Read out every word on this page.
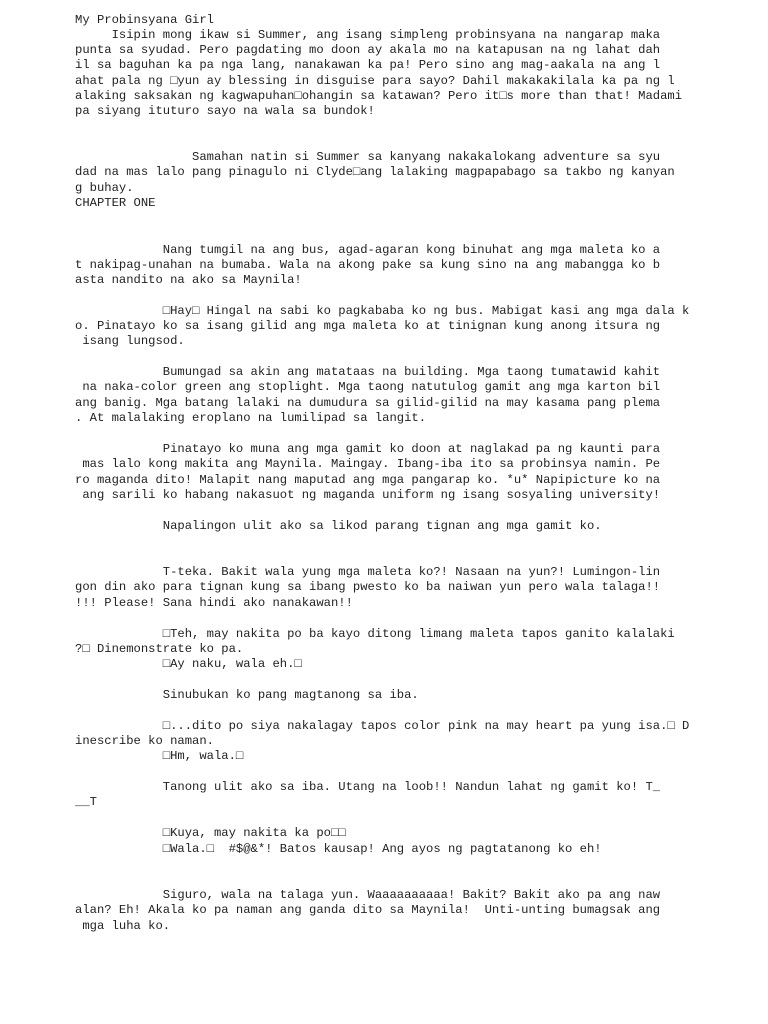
My Probinsyana Girl
Isipin mong ikaw si Summer, ang isang simpleng probinsyana na nangarap maka
punta sa syudad. Pero pagdating mo doon ay akala mo na katapusan na ng lahat dah
il sa baguhan ka pa nga lang, nanakawan ka pa! Pero sino ang mag-aakala na ang l
ahat pala ng □yun ay blessing in disguise para sayo? Dahil makakakilala ka pa ng l
alaking saksakan ng kagwapuhan□ohangin sa katawan? Pero it□s more than that! Madami
pa siyang ituturo sayo na wala sa bundok!
Samahan natin si Summer sa kanyang nakakalokang adventure sa syu
dad na mas lalo pang pinagulo ni Clyde□ang lalaking magpapabago sa takbo ng kanyan
g buhay.
CHAPTER ONE
Nang tumgil na ang bus, agad-agaran kong binuhat ang mga maleta ko a
t nakipag-unahan na bumaba. Wala na akong pake sa kung sino na ang mabangga ko b
asta nandito na ako sa Maynila!
□Hay□ Hingal na sabi ko pagkababa ko ng bus. Mabigat kasi ang mga dala k
o. Pinatayo ko sa isang gilid ang mga maleta ko at tinignan kung anong itsura ng
isang lungsod.
Bumungad sa akin ang matataas na building. Mga taong tumatawid kahit
na naka-color green ang stoplight. Mga taong natutulog gamit ang mga karton bil
ang banig. Mga batang lalaki na dumudura sa gilid-gilid na may kasama pang plema
. At malalaking eroplano na lumilipad sa langit.
Pinatayo ko muna ang mga gamit ko doon at naglakad pa ng kaunti para
mas lalo kong makita ang Maynila. Maingay. Ibang-iba ito sa probinsya namin. Pe
ro maganda dito! Malapit nang maputad ang mga pangarap ko. *u* Napipicture ko na
ang sarili ko habang nakasuot ng maganda uniform ng isang sosyaling university!
Napalingon ulit ako sa likod parang tignan ang mga gamit ko.
T-teka. Bakit wala yung mga maleta ko?! Nasaan na yun?! Lumingon-lin
gon din ako para tignan kung sa ibang pwesto ko ba naiwan yun pero wala talaga!!
!!! Please! Sana hindi ako nanakawan!!
□Teh, may nakita po ba kayo ditong limang maleta tapos ganito kalalaki
?□ Dinemonstrate ko pa.
□Ay naku, wala eh.□
Sinubukan ko pang magtanong sa iba.
□...dito po siya nakalagay tapos color pink na may heart pa yung isa.□ D
inescribe ko naman.
□Hm, wala.□
Tanong ulit ako sa iba. Utang na loob!! Nandun lahat ng gamit ko! T_
__T
□Kuya, may nakita ka po□□
□Wala.□  #$@&*! Batos kausap! Ang ayos ng pagtatanong ko eh!
Siguro, wala na talaga yun. Waaaaaaaaaa! Bakit? Bakit ako pa ang naw
alan? Eh! Akala ko pa naman ang ganda dito sa Maynila!  Unti-unting bumagsak ang
mga luha ko.
